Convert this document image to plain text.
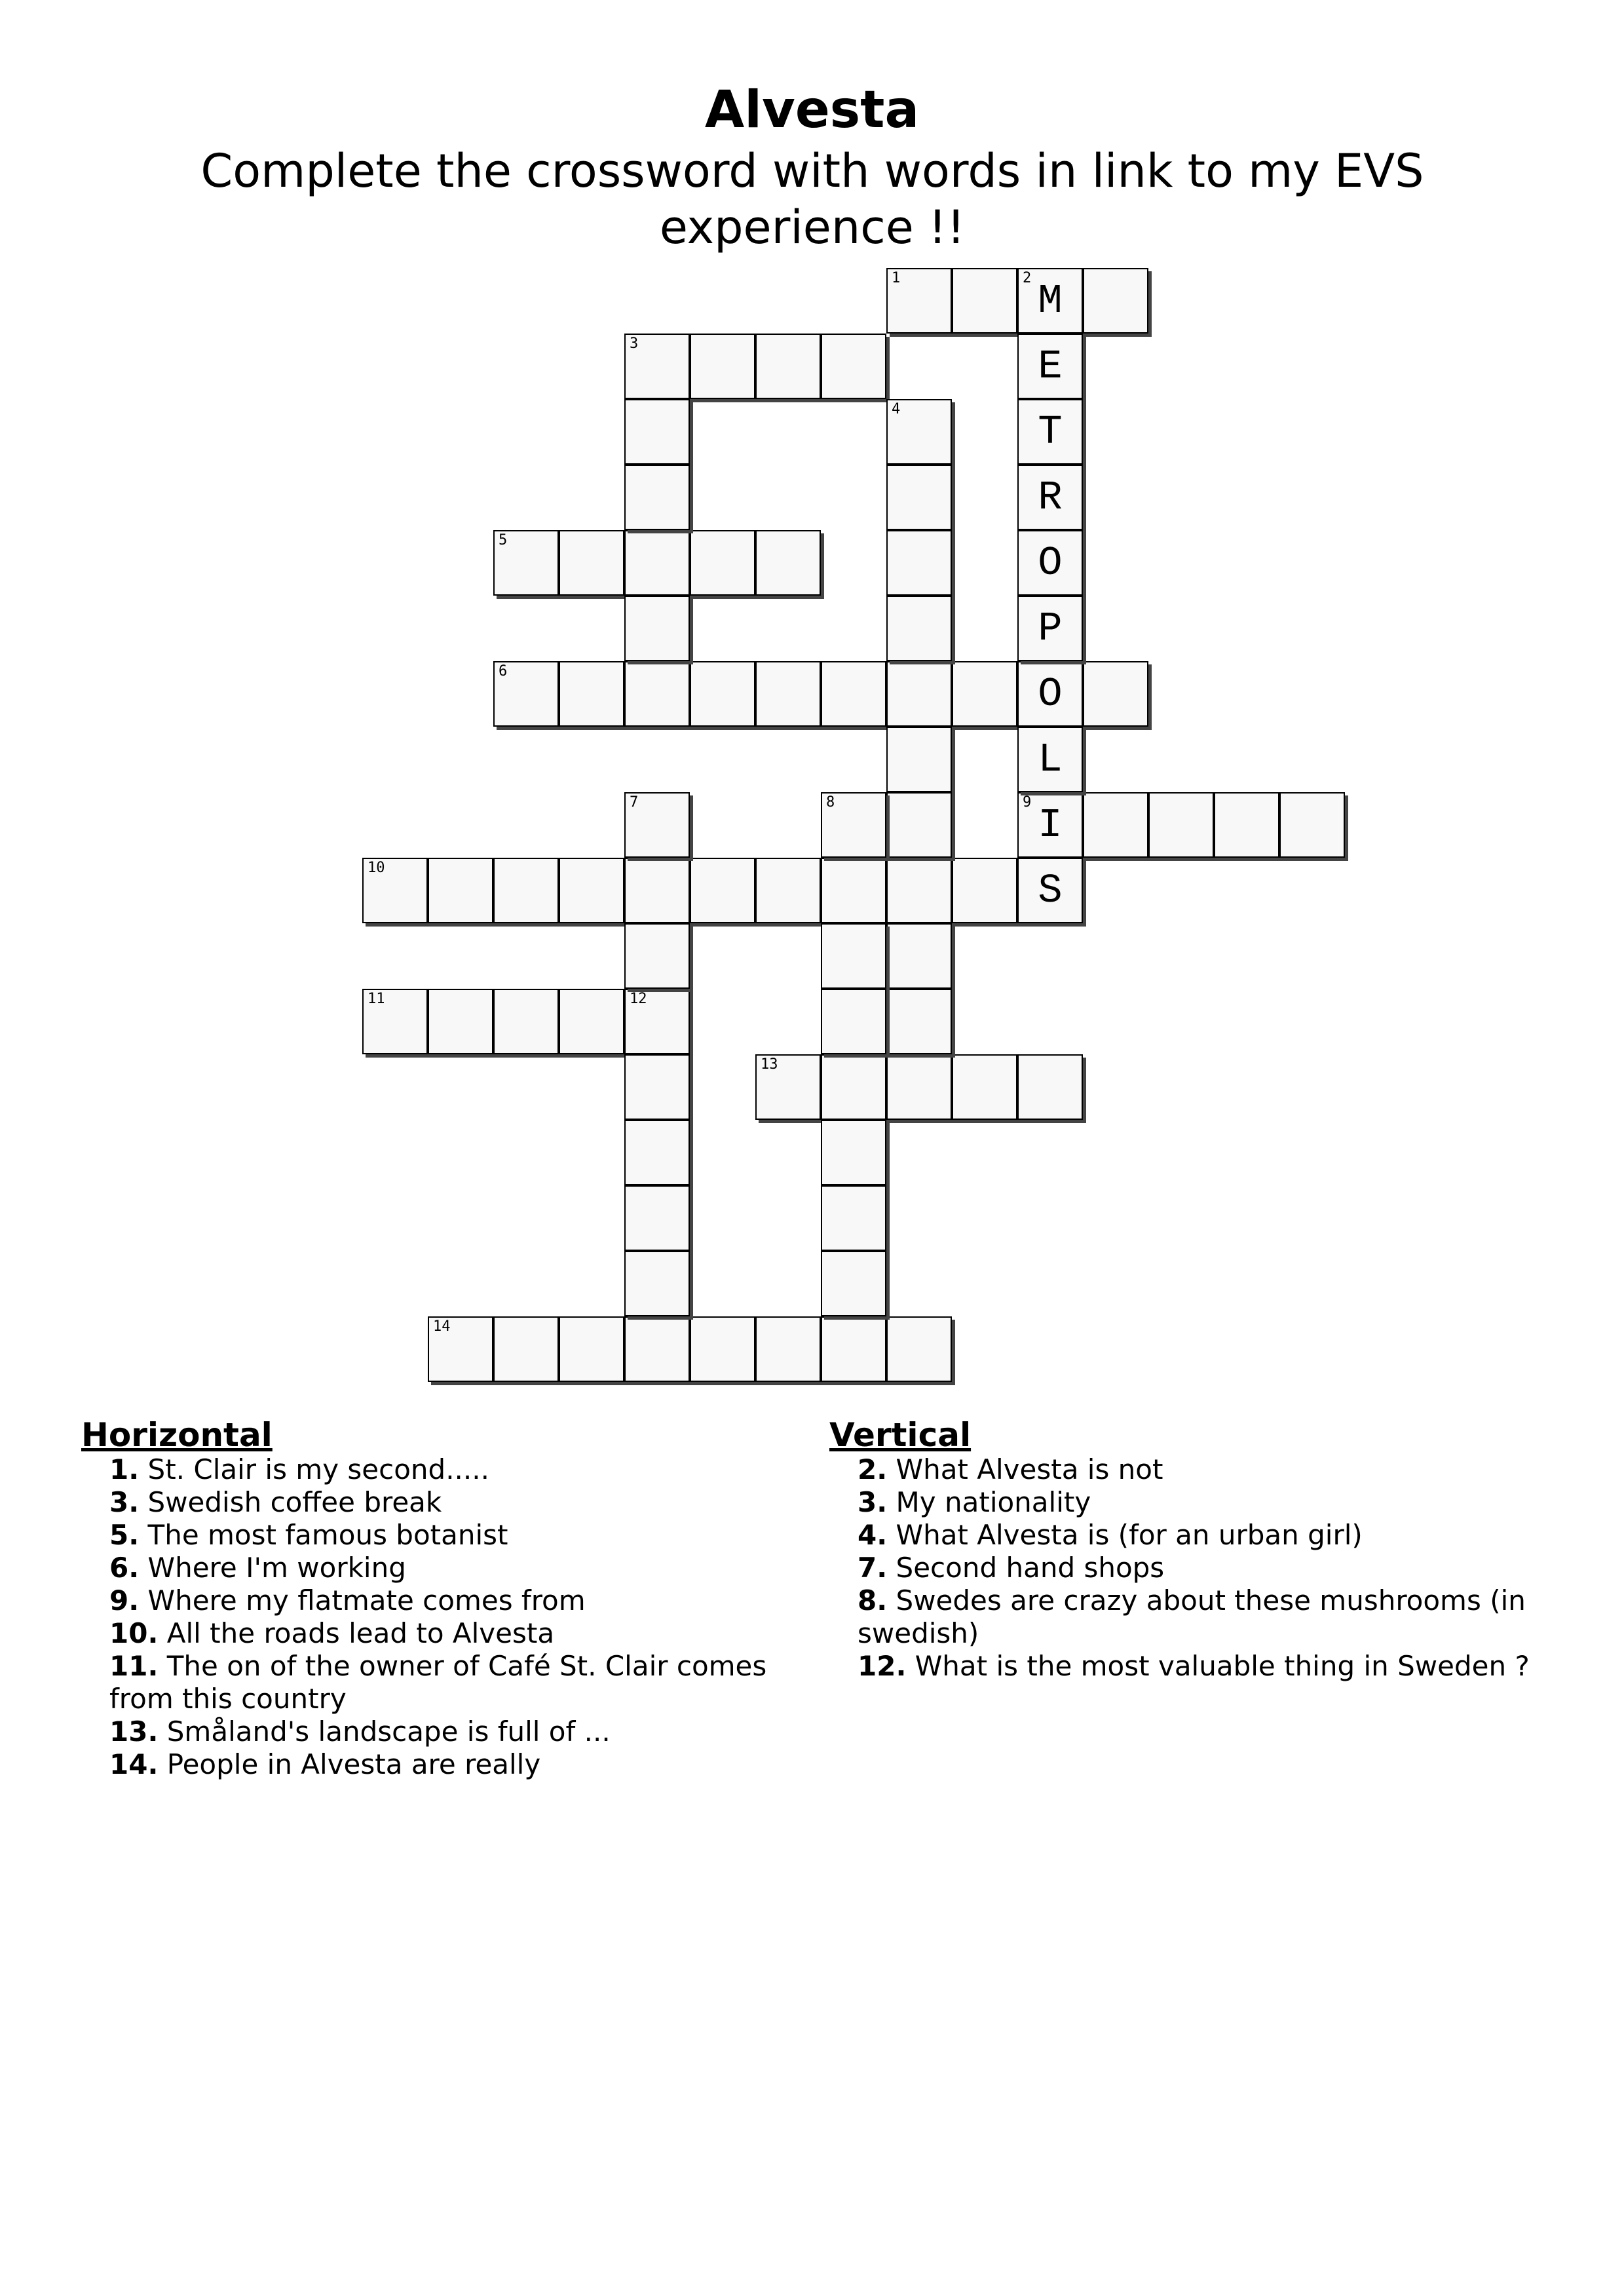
Alvesta
Complete the crossword with words in link to my EVS experience !!
1	2 M
3
5
6	O
9 I
10
11	12
13
14
E
T
R
O
P
L
S
4
7	8
Horizontal
1. St. Clair is my second.....
3. Swedish coffee break
5. The most famous botanist
6. Where I'm working
9. Where my flatmate comes from
10. All the roads lead to Alvesta
11. The on of the owner of Café St. Clair comes from this country
13. Småland's landscape is full of ...
14. People in Alvesta are really
Vertical
2. What Alvesta is not
3. My nationality
4. What Alvesta is (for an urban girl)
7. Second hand shops
8. Swedes are crazy about these mushrooms (in swedish)
12. What is the most valuable thing in Sweden ?
